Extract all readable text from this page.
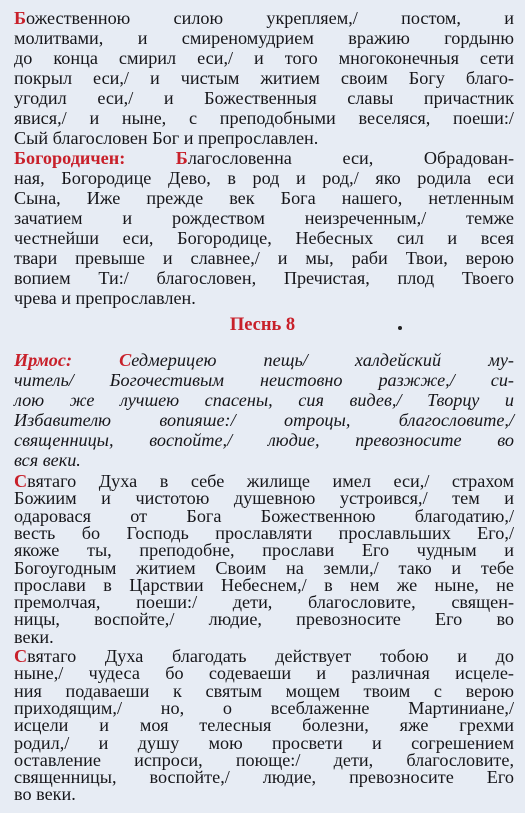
Божественною силою укрепляем,/ постом, и
молитвами, и смиреномудрием вражию гордыню
до конца смирил еси,/ и того многоконечныя сети
покрыл еси,/ и чистым житием своим Богу благо-
угодил еси,/ и Божественныя славы причастник
явися,/ и ныне, с преподобными веселяся, поеши:/
Сый благословен Бог и препрославлен.
Богородичен: Благословенна еси, Обрадован-
ная, Богородице Дево, в род и род,/ яко родила еси
Сына, Иже прежде век Бога нашего, нетленным
зачатием и рождеством неизреченным,/ темже
честнейши еси, Богородице, Небесных сил и всея
твари превыше и славнее,/ и мы, раби Твои, верою
вопием Ти:/ благословен, Пречистая, плод Твоего
чрева и препрославлен.
Песнь 8
Ирмос: Седмерицею пещь/ халдейский му-
читель/ Богочестивым неистовно разжже,/ си-
лою же лучшею спасены, сия видев,/ Творцу и
Избавителю вопияше:/ отроцы, благословите,/
священницы, воспойте,/ людие, превозносите во
вся веки.
Святаго Духа в себе жилище имел еси,/ страхом
Божиим и чистотою душевною устроився,/ тем и
одаровася от Бога Божественною благодатию,/
весть бо Господь прославляти прославльших Его,/
якоже ты, преподобне, прослави Его чудным и
Богоугодным житием Своим на земли,/ тако и тебе
прослави в Царствии Небеснем,/ в нем же ныне, не
премолчая, поеши:/ дети, благословите, священ-
ницы, воспойте,/ людие, превозносите Его во
веки.
Святаго Духа благодать действует тобою и до
ныне,/ чудеса бо содеваеши и различная исцеле-
ния подаваеши к святым мощем твоим с верою
приходящим,/ но, о всеблаженне Мартиниане,/
исцели и моя телесныя болезни, яже грехми
родил,/ и душу мою просвети и согрешением
оставление испроси, поюще:/ дети, благословите,
священницы, воспойте,/ людие, превозносите Его
во веки.
